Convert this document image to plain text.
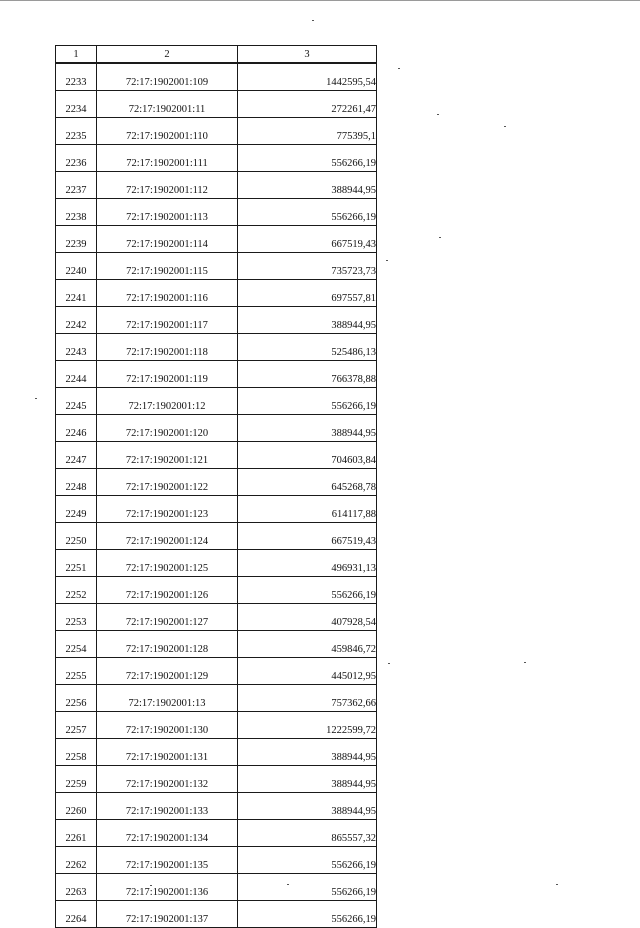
1	2	3
2233	72:17:1902001:109	1442595,54
2234	72:17:1902001:11	272261,47
2235	72:17:1902001:110	775395,1
2236	72:17:1902001:111	556266,19
2237	72:17:1902001:112	388944,95
2238	72:17:1902001:113	556266,19
2239	72:17:1902001:114	667519,43
2240	72:17:1902001:115	735723,73
2241	72:17:1902001:116	697557,81
2242	72:17:1902001:117	388944,95
2243	72:17:1902001:118	525486,13
2244	72:17:1902001:119	766378,88
2245	72:17:1902001:12	556266,19
2246	72:17:1902001:120	388944,95
2247	72:17:1902001:121	704603,84
2248	72:17:1902001:122	645268,78
2249	72:17:1902001:123	614117,88
2250	72:17:1902001:124	667519,43
2251	72:17:1902001:125	496931,13
2252	72:17:1902001:126	556266,19
2253	72:17:1902001:127	407928,54
2254	72:17:1902001:128	459846,72
2255	72:17:1902001:129	445012,95
2256	72:17:1902001:13	757362,66
2257	72:17:1902001:130	1222599,72
2258	72:17:1902001:131	388944,95
2259	72:17:1902001:132	388944,95
2260	72:17:1902001:133	388944,95
2261	72:17:1902001:134	865557,32
2262	72:17:1902001:135	556266,19
2263	72:17:1902001:136	556266,19
2264	72:17:1902001:137	556266,19
